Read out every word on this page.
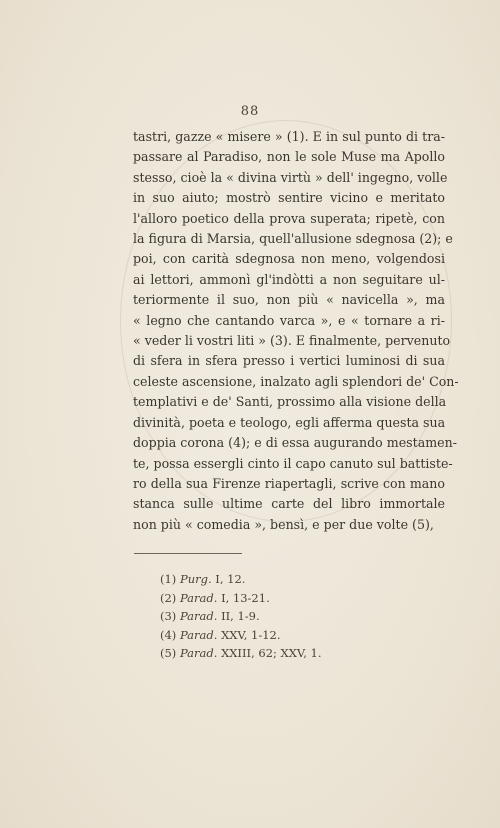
88
tastri, gazze « misere » (1). E in sul punto di tra-
passare al Paradiso, non le sole Muse ma Apollo
stesso, cioè la « divina virtù » dell' ingegno, volle
in suo aiuto; mostrò sentire vicino e meritato
l'alloro poetico della prova superata; ripetè, con
la figura di Marsia, quell'allusione sdegnosa (2); e
poi, con carità sdegnosa non meno, volgendosi
ai lettori, ammonì gl'indòtti a non seguitare ul-
teriormente il suo, non più « navicella », ma
« legno che cantando varca », e « tornare a ri-
« veder li vostri liti » (3). E finalmente, pervenuto
di sfera in sfera presso i vertici luminosi di sua
celeste ascensione, inalzato agli splendori de' Con-
templativi e de' Santi, prossimo alla visione della
divinità, poeta e teologo, egli afferma questa sua
doppia corona (4); e di essa augurando mestamen-
te, possa essergli cinto il capo canuto sul battiste-
ro della sua Firenze riapertagli, scrive con mano
stanca sulle ultime carte del libro immortale
non più « comedia », bensì, e per due volte (5),
(1) Purg. I, 12.
(2) Parad. I, 13-21.
(3) Parad. II, 1-9.
(4) Parad. XXV, 1-12.
(5) Parad. XXIII, 62; XXV, 1.
